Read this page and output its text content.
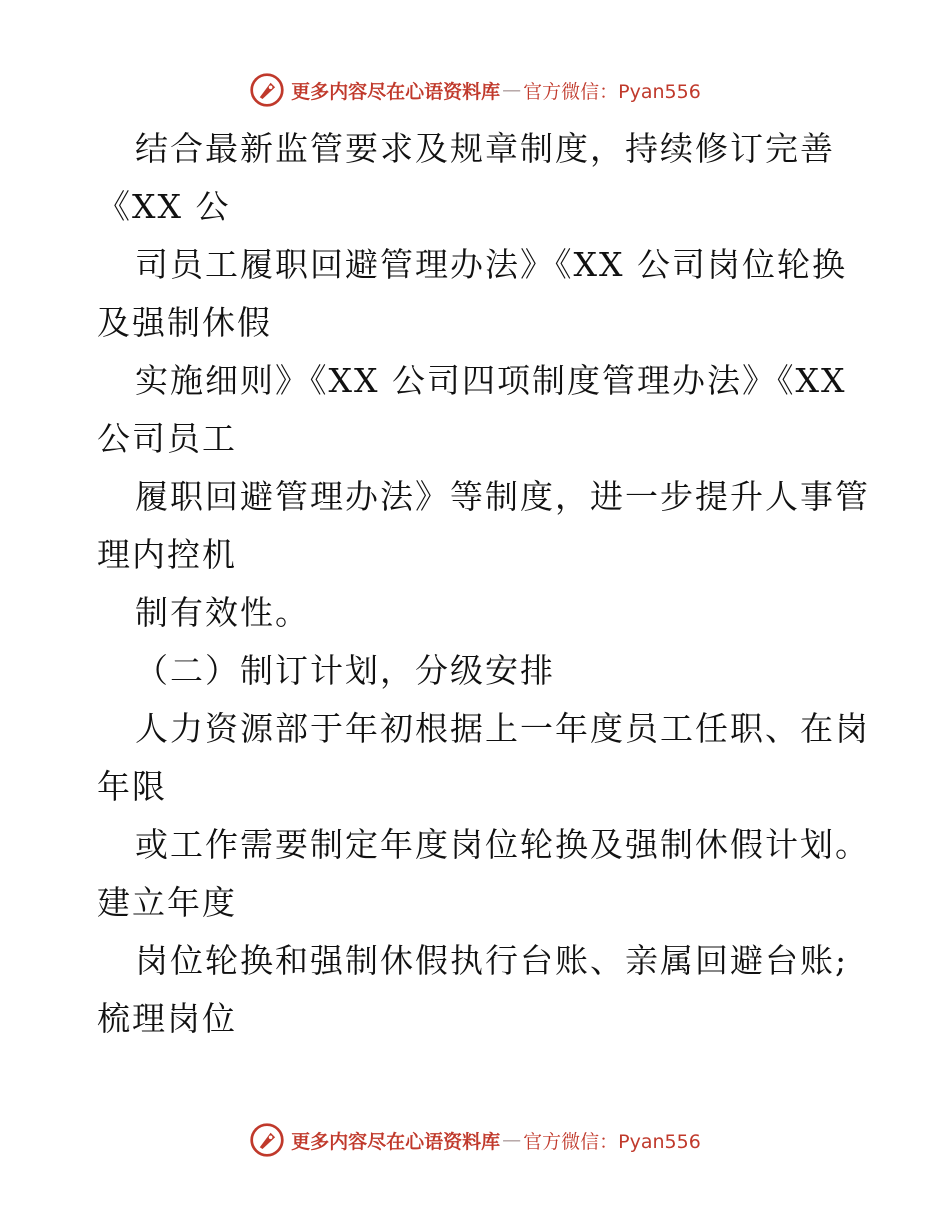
更多内容尽在心语资料库 — 官方微信：Pyan556
结合最新监管要求及规章制度，持续修订完善
《XX 公
司员工履职回避管理办法》《XX 公司岗位轮换
及强制休假
实施细则》《XX 公司四项制度管理办法》《XX
公司员工
履职回避管理办法》等制度，进一步提升人事管
理内控机
制有效性。
（二）制订计划，分级安排
人力资源部于年初根据上一年度员工任职、在岗
年限
或工作需要制定年度岗位轮换及强制休假计划。
建立年度
岗位轮换和强制休假执行台账、亲属回避台账;
梳理岗位
更多内容尽在心语资料库 — 官方微信：Pyan556
